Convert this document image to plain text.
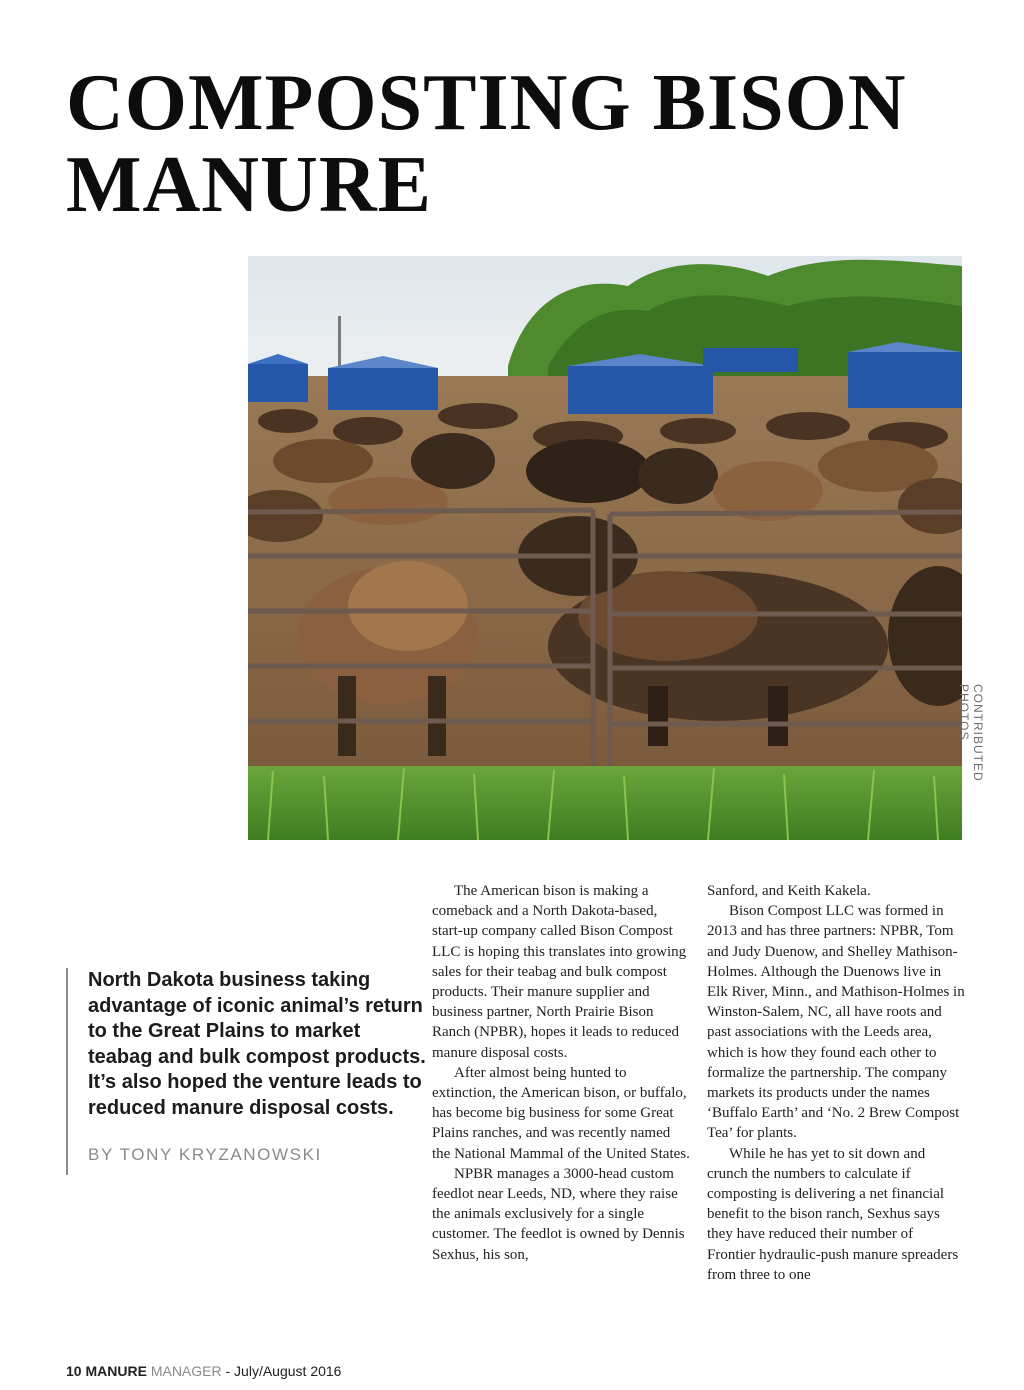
COMPOSTING BISON
MANURE
CONTRIBUTED PHOTOS

North Dakota business taking advantage of iconic animal’s return to the Great Plains to market teabag and bulk compost products. It’s also hoped the venture leads to reduced manure disposal costs.

BY TONY KRYZANOWSKI

The American bison is making a comeback and a North Dakota-based, start-up company called Bison Compost LLC is hoping this translates into growing sales for their teabag and bulk compost products. Their manure supplier and business partner, North Prairie Bison Ranch (NPBR), hopes it leads to reduced manure disposal costs.

After almost being hunted to extinction, the American bison, or buffalo, has become big business for some Great Plains ranches, and was recently named the National Mammal of the United States.

NPBR manages a 3000-head custom feedlot near Leeds, ND, where they raise the animals exclusively for a single customer. The feedlot is owned by Dennis Sexhus, his son,

Sanford, and Keith Kakela.

Bison Compost LLC was formed in 2013 and has three partners: NPBR, Tom and Judy Duenow, and Shelley Mathison-Holmes. Although the Duenows live in Elk River, Minn., and Mathison-Holmes in Winston-Salem, NC, all have roots and past associations with the Leeds area, which is how they found each other to formalize the partnership. The company markets its products under the names ‘Buffalo Earth’ and ‘No. 2 Brew Compost Tea’ for plants.

While he has yet to sit down and crunch the numbers to calculate if composting is delivering a net financial benefit to the bison ranch, Sexhus says they have reduced their number of Frontier hydraulic-push manure spreaders from three to one

10 MANURE MANAGER - July/August 2016
